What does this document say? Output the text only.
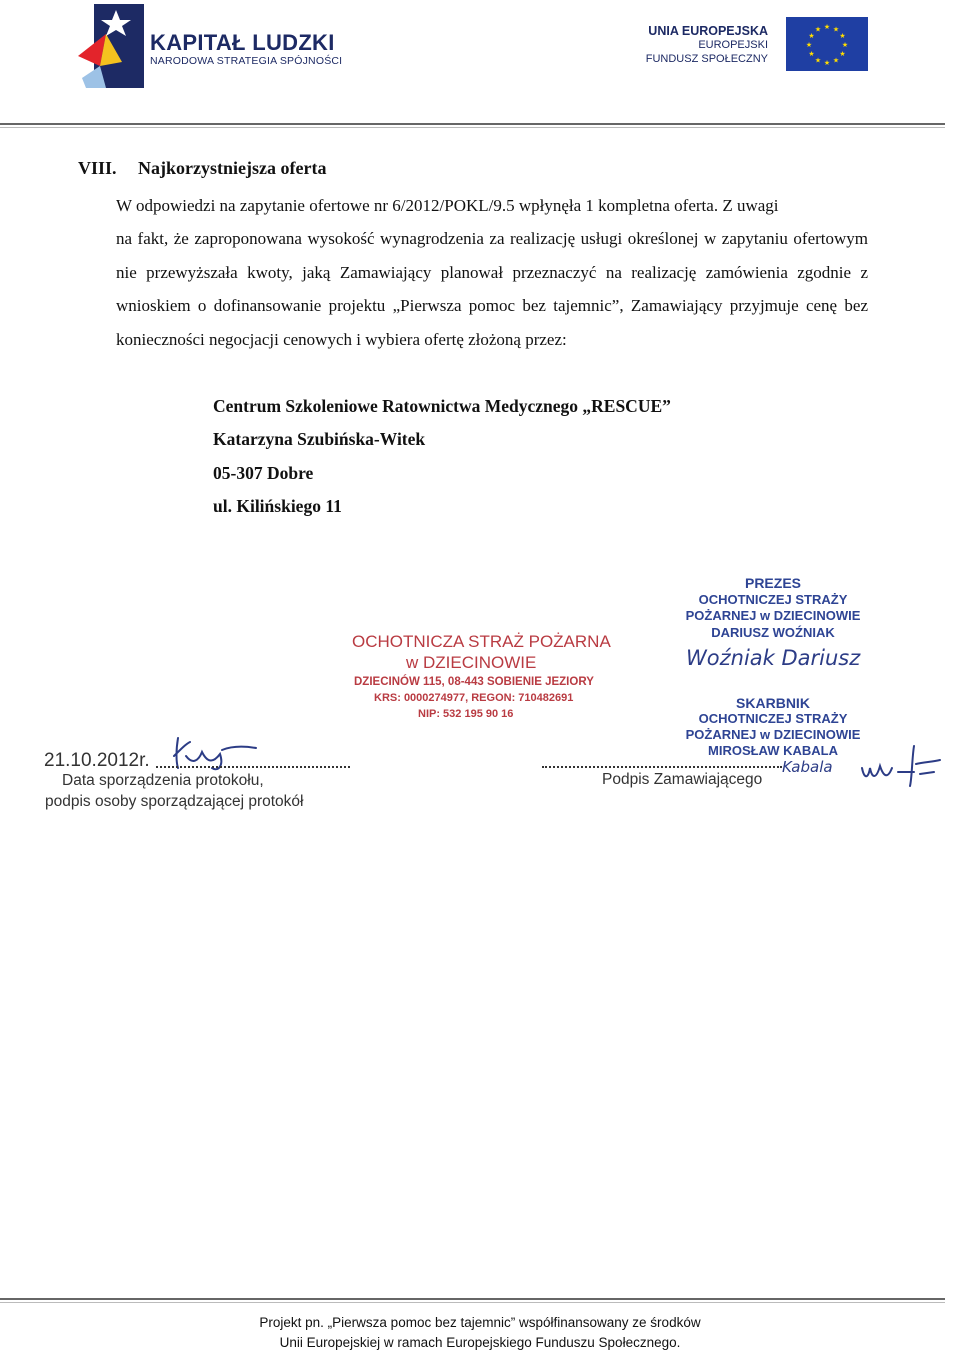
KAPITAŁ LUDZKI
NARODOWA STRATEGIA SPÓJNOŚCI
UNIA EUROPEJSKA
EUROPEJSKI
FUNDUSZ SPOŁECZNY
★ ★
★
★
★
★
★
★
★
★
★
★
VIII. Najkorzystniejsza oferta
W odpowiedzi na zapytanie ofertowe nr 6/2012/POKL/9.5 wpłynęła 1 kompletna oferta. Z uwagi
na fakt, że zaproponowana wysokość wynagrodzenia za realizację usługi określonej w zapytaniu ofertowym nie przewyższała kwoty, jaką Zamawiający planował przeznaczyć na realizację zamówienia zgodnie z wnioskiem o dofinansowanie projektu „Pierwsza pomoc bez tajemnic”, Zamawiający przyjmuje cenę bez konieczności negocjacji cenowych i wybiera ofertę złożoną przez:
Centrum Szkoleniowe Ratownictwa Medycznego „RESCUE”
Katarzyna Szubińska-Witek
05-307 Dobre
ul. Kilińskiego 11
PREZES
OCHOTNICZEJ STRAŻY
POŻARNEJ w DZIECINOWIE
DARIUSZ WOŹNIAK
Woźniak Dariusz
OCHOTNICZA STRAŻ POŻARNA
w DZIECINOWIE
DZIECINÓW 115, 08-443 SOBIENIE JEZIORY
KRS: 0000274977, REGON: 710482691
NIP: 532 195 90 16
SKARBNIK
OCHOTNICZEJ STRAŻY
POŻARNEJ w DZIECINOWIE
MIROSŁAW KABALA
Kabala
21.10.2012r.
Data sporządzenia protokołu,
podpis osoby sporządzającej protokół
Podpis Zamawiającego
Projekt pn. „Pierwsza pomoc bez tajemnic” współfinansowany ze środków
Unii Europejskiej w ramach Europejskiego Funduszu Społecznego.
